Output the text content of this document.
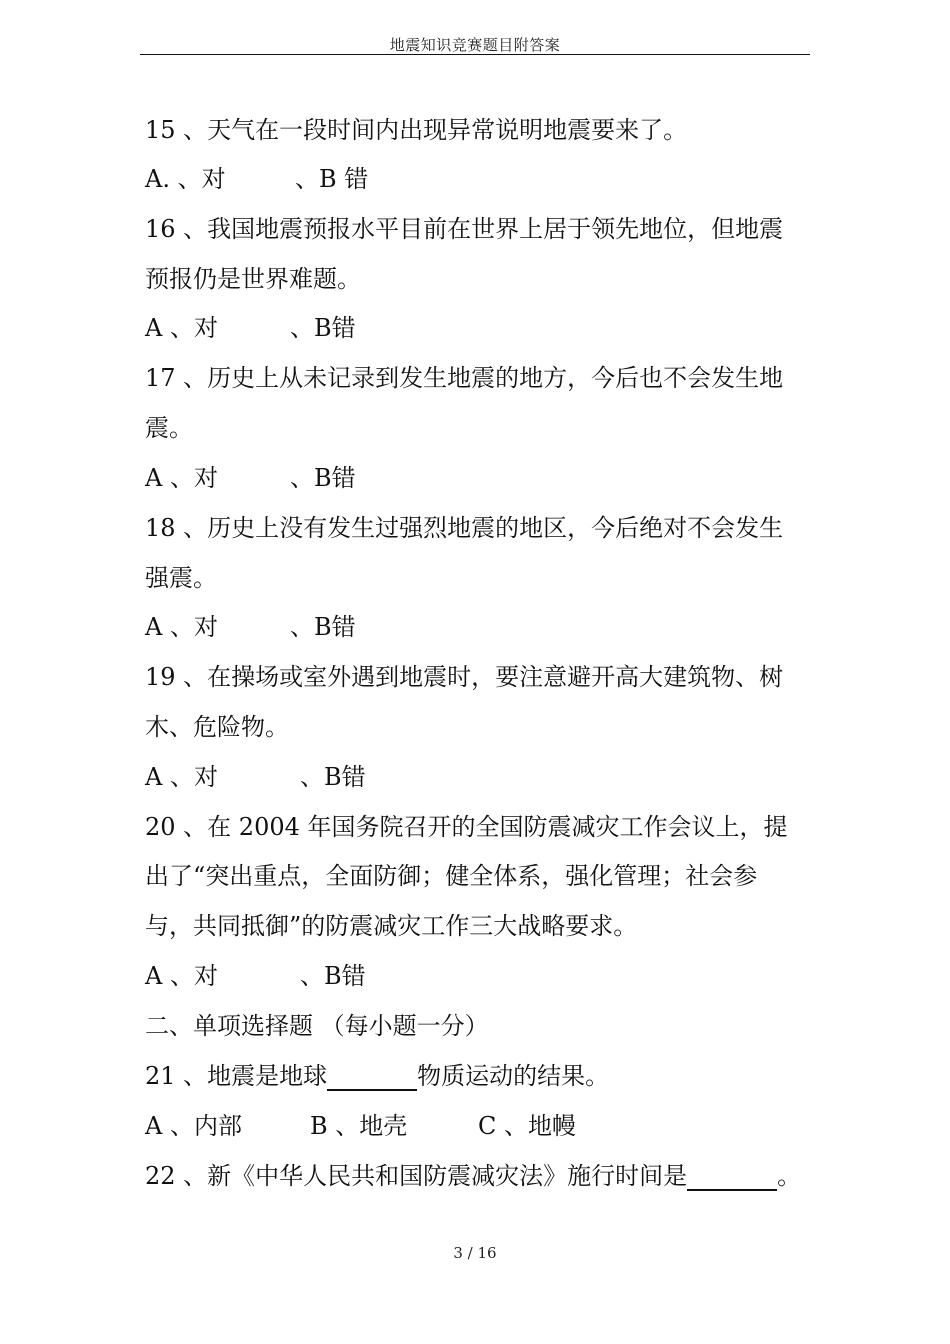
地震知识竞赛题目附答案
15 、天气在一段时间内出现异常说明地震要来了。
A. 、对	、B 错
16 、我国地震预报水平目前在世界上居于领先地位，但地震
预报仍是世界难题。
A 、对	、B错
17 、历史上从未记录到发生地震的地方，今后也不会发生地
震。
A 、对	、B错
18 、历史上没有发生过强烈地震的地区，今后绝对不会发生
强震。
A 、对	、B错
19 、在操场或室外遇到地震时，要注意避开高大建筑物、树
木、危险物。
A 、对	、B错
20 、在 2004 年国务院召开的全国防震减灾工作会议上，提
出了“突出重点，全面防御；健全体系，强化管理；社会参
与，共同抵御”的防震减灾工作三大战略要求。
A 、对	、B错
二、单项选择题 （每小题一分）
21 、地震是地球	物质运动的结果。
A 、内部	B 、地壳	C 、地幔
22 、新《中华人民共和国防震减灾法》施行时间是	。
3 / 16
